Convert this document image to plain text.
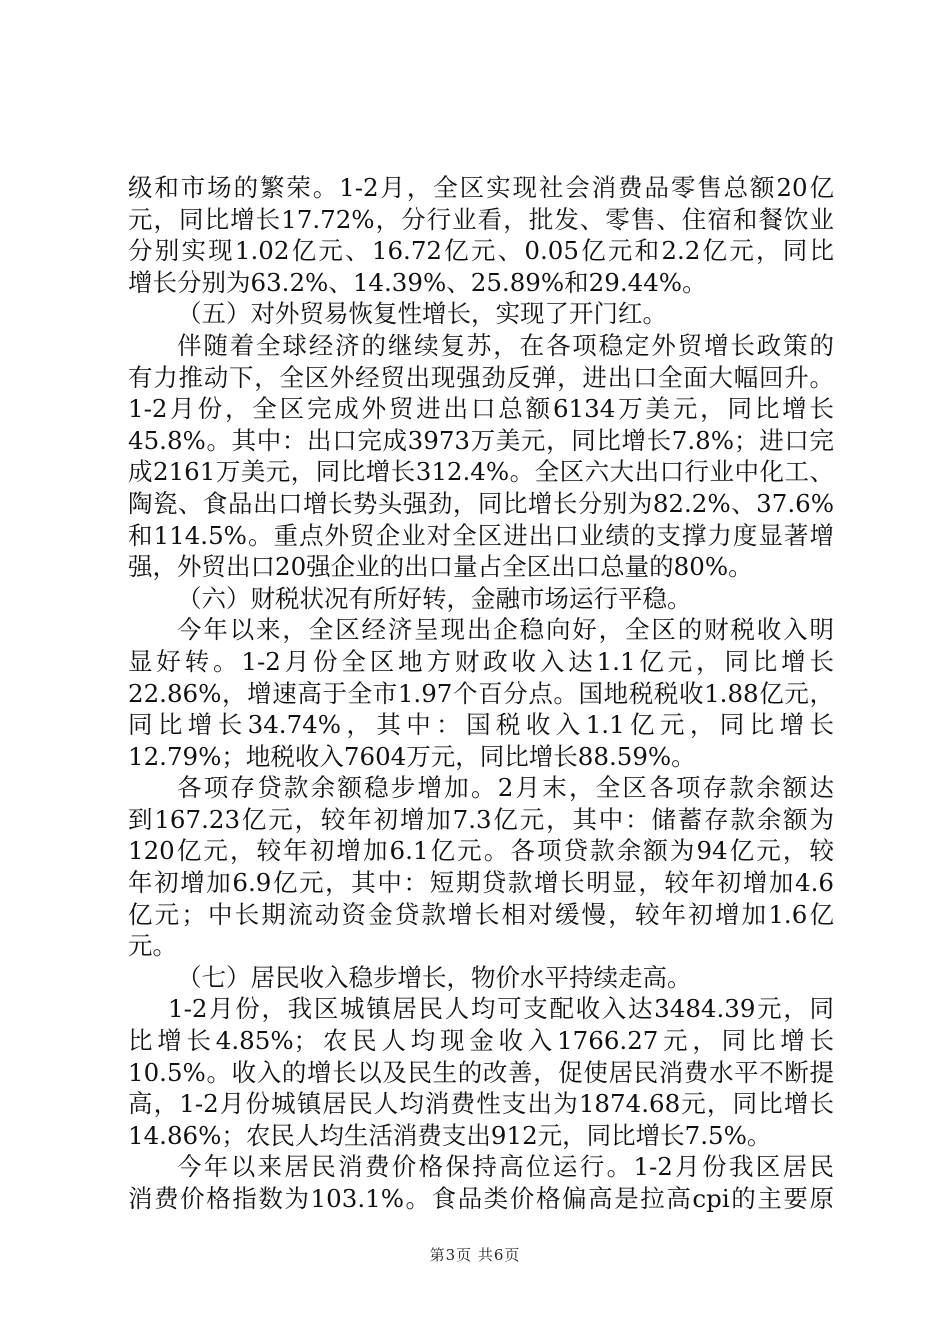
级和市场的繁荣。1-2月，全区实现社会消费品零售总额20亿
元，同比增长17.72%，分行业看，批发、零售、住宿和餐饮业
分别实现1.02亿元、16.72亿元、0.05亿元和2.2亿元，同比
增长分别为63.2%、14.39%、25.89%和29.44%。
（五）对外贸易恢复性增长，实现了开门红。
伴随着全球经济的继续复苏，在各项稳定外贸增长政策的
有力推动下，全区外经贸出现强劲反弹，进出口全面大幅回升。
1-2月份，全区完成外贸进出口总额6134万美元，同比增长
45.8%。其中：出口完成3973万美元，同比增长7.8%；进口完
成2161万美元，同比增长312.4%。全区六大出口行业中化工、
陶瓷、食品出口增长势头强劲，同比增长分别为82.2%、37.6%
和114.5%。重点外贸企业对全区进出口业绩的支撑力度显著增
强，外贸出口20强企业的出口量占全区出口总量的80%。
（六）财税状况有所好转，金融市场运行平稳。
今年以来，全区经济呈现出企稳向好，全区的财税收入明
显好转。1-2月份全区地方财政收入达1.1亿元，同比增长
22.86%，增速高于全市1.97个百分点。国地税税收1.88亿元，
同比增长34.74%，其中：国税收入1.1亿元，同比增长
12.79%；地税收入7604万元，同比增长88.59%。
各项存贷款余额稳步增加。2月末，全区各项存款余额达
到167.23亿元，较年初增加7.3亿元，其中：储蓄存款余额为
120亿元，较年初增加6.1亿元。各项贷款余额为94亿元，较
年初增加6.9亿元，其中：短期贷款增长明显，较年初增加4.6
亿元；中长期流动资金贷款增长相对缓慢，较年初增加1.6亿
元。
（七）居民收入稳步增长，物价水平持续走高。
1-2月份，我区城镇居民人均可支配收入达3484.39元，同
比增长4.85%；农民人均现金收入1766.27元，同比增长
10.5%。收入的增长以及民生的改善，促使居民消费水平不断提
高，1-2月份城镇居民人均消费性支出为1874.68元，同比增长
14.86%；农民人均生活消费支出912元，同比增长7.5%。
今年以来居民消费价格保持高位运行。1-2月份我区居民
消费价格指数为103.1%。食品类价格偏高是拉高cpi的主要原
第3页 共6页
